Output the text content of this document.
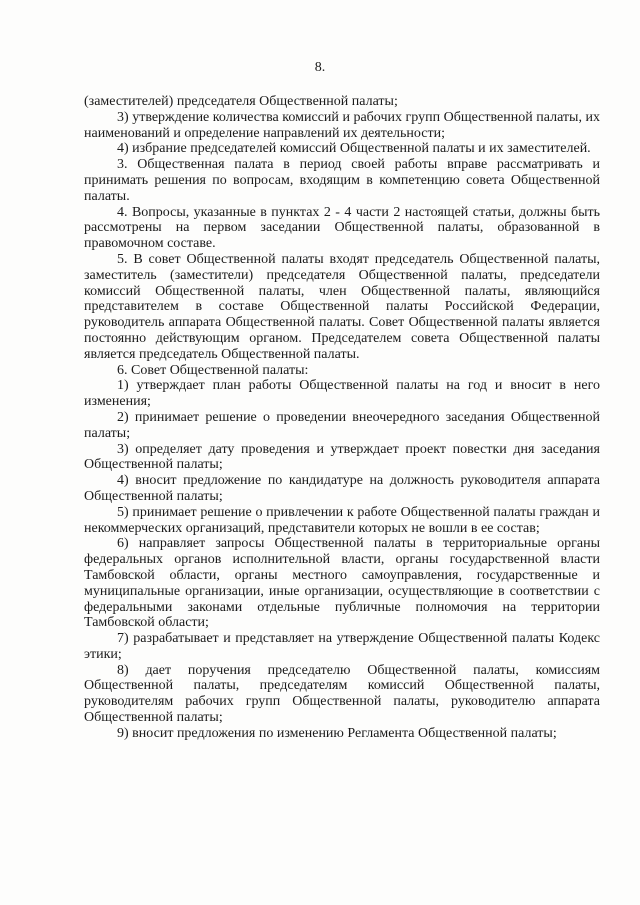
8.

(заместителей) председателя Общественной палаты;

3) утверждение количества комиссий и рабочих групп Общественной палаты, их наименований и определение направлений их деятельности;

4) избрание председателей комиссий Общественной палаты и их заместителей.

3. Общественная палата в период своей работы вправе рассматривать и принимать решения по вопросам, входящим в компетенцию совета Общественной палаты.

4. Вопросы, указанные в пунктах 2 - 4 части 2 настоящей статьи, должны быть рассмотрены на первом заседании Общественной палаты, образованной в правомочном составе.

5. В совет Общественной палаты входят председатель Общественной палаты, заместитель (заместители) председателя Общественной палаты, председатели комиссий Общественной палаты, член Общественной палаты, являющийся представителем в составе Общественной палаты Российской Федерации, руководитель аппарата Общественной палаты. Совет Общественной палаты является постоянно действующим органом. Председателем совета Общественной палаты является председатель Общественной палаты.

6. Совет Общественной палаты:

1) утверждает план работы Общественной палаты на год и вносит в него изменения;

2) принимает решение о проведении внеочередного заседания Общественной палаты;

3) определяет дату проведения и утверждает проект повестки дня заседания Общественной палаты;

4) вносит предложение по кандидатуре на должность руководителя аппарата Общественной палаты;

5) принимает решение о привлечении к работе Общественной палаты граждан и некоммерческих организаций, представители которых не вошли в ее состав;

6) направляет запросы Общественной палаты в территориальные органы федеральных органов исполнительной власти, органы государственной власти Тамбовской области, органы местного самоуправления, государственные и муниципальные организации, иные организации, осуществляющие в соответствии с федеральными законами отдельные публичные полномочия на территории Тамбовской области;

7) разрабатывает и представляет на утверждение Общественной палаты Кодекс этики;

8) дает поручения председателю Общественной палаты, комиссиям Общественной палаты, председателям комиссий Общественной палаты, руководителям рабочих групп Общественной палаты, руководителю аппарата Общественной палаты;

9) вносит предложения по изменению Регламента Общественной палаты;
